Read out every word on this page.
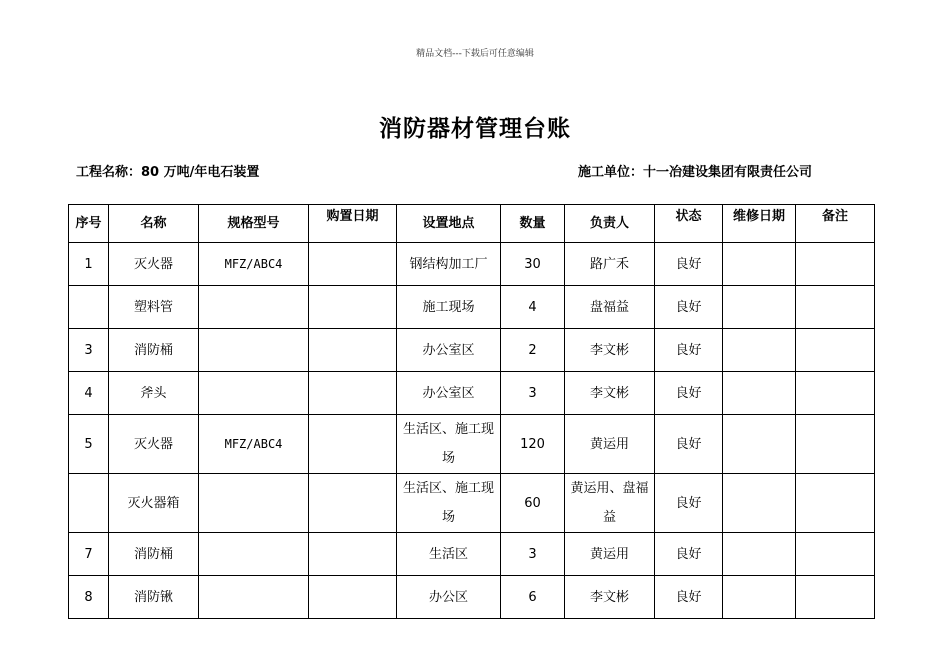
精品文档---下载后可任意编辑
消防器材管理台账
工程名称：80 万吨/年电石装置	施工单位：十一冶建设集团有限责任公司
序号	名称	规格型号	购置日期	设置地点	数量	负责人	状态	维修日期	备注
1	灭火器	MFZ/ABC4		钢结构加工厂	30	路广禾	良好		
	塑料管			施工现场	4	盘福益	良好		
3	消防桶			办公室区	2	李文彬	良好		
4	斧头			办公室区	3	李文彬	良好		
5	灭火器	MFZ/ABC4		生活区、施工现场	120	黄运用	良好		
	灭火器箱			生活区、施工现场	60	黄运用、盘福益	良好		
7	消防桶			生活区	3	黄运用	良好		
8	消防锹			办公区	6	李文彬	良好		
